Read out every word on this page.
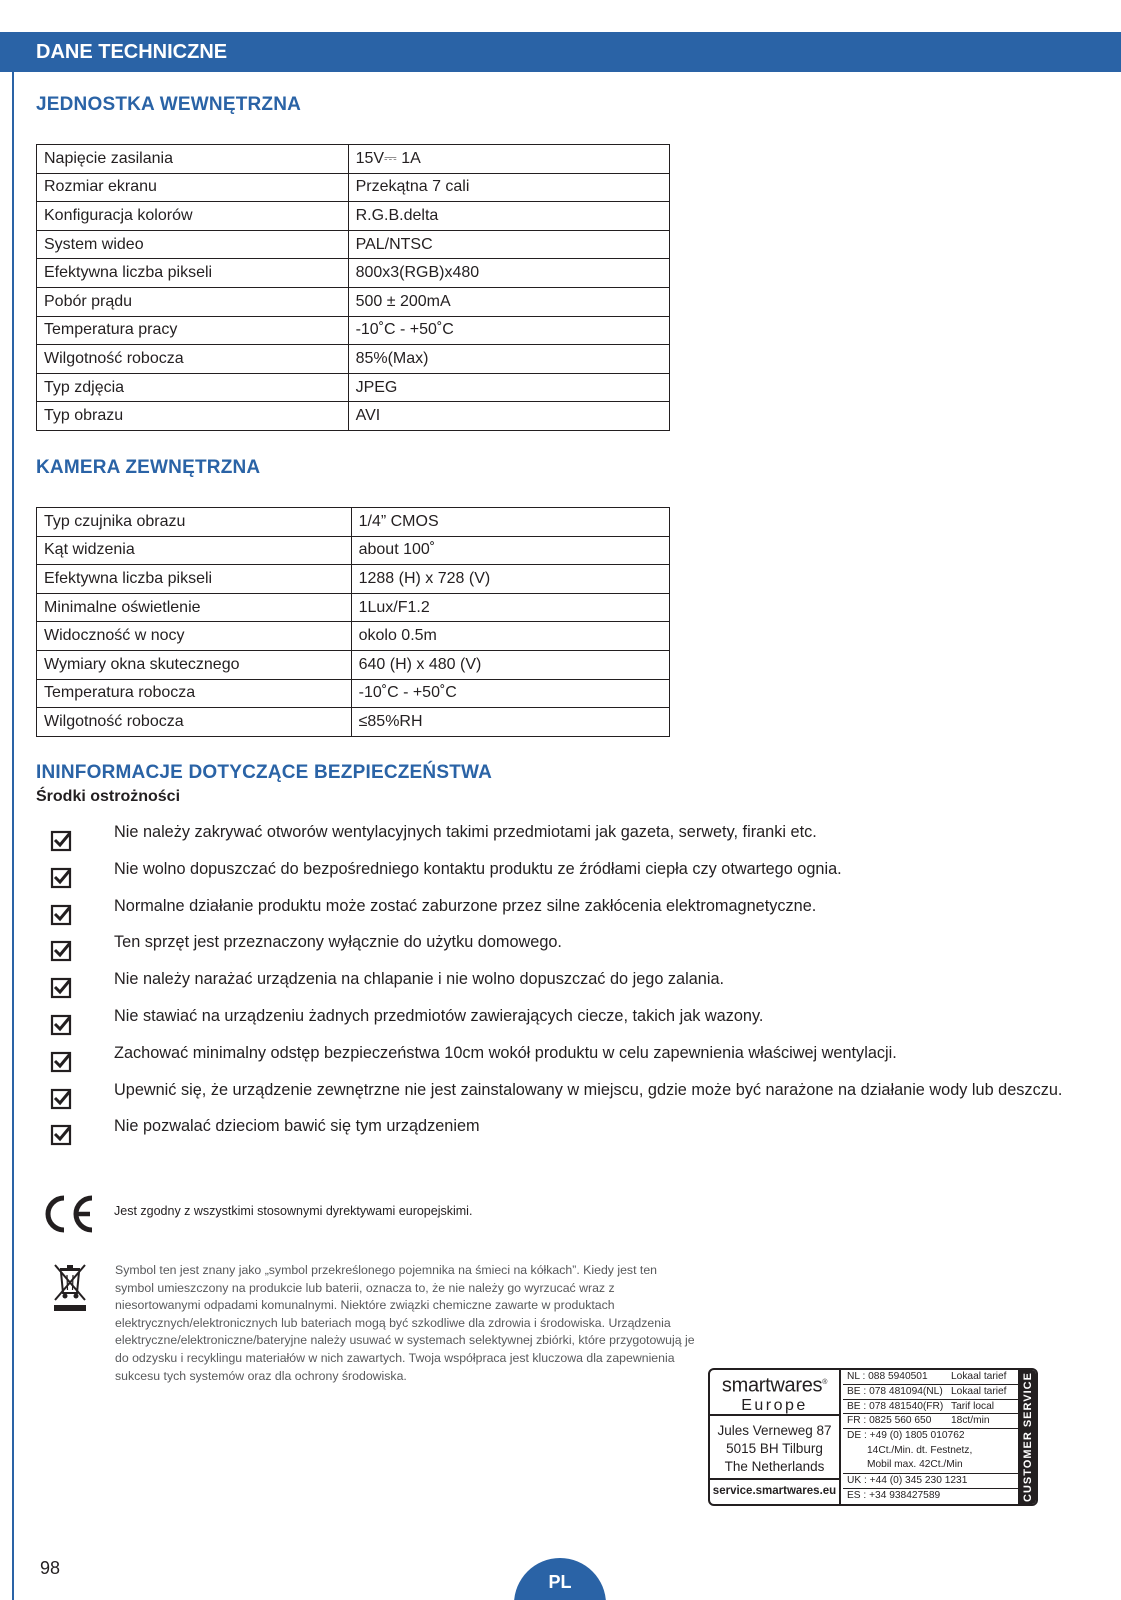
DANE TECHNICZNE
JEDNOSTKA WEWNĘTRZNA
Napięcie zasilania	15V⎓ 1A
Rozmiar ekranu	Przekątna 7 cali
Konfiguracja kolorów	R.G.B.delta
System wideo	PAL/NTSC
Efektywna liczba pikseli	800x3(RGB)x480
Pobór prądu	500 ± 200mA
Temperatura pracy	-10˚C - +50˚C
Wilgotność robocza	85%(Max)
Typ zdjęcia	JPEG
Typ obrazu	AVI
KAMERA ZEWNĘTRZNA
Typ czujnika obrazu	1/4” CMOS
Kąt widzenia	about 100˚
Efektywna liczba pikseli	1288 (H) x 728 (V)
Minimalne oświetlenie	1Lux/F1.2
Widoczność w nocy	okolo 0.5m
Wymiary okna skutecznego	640 (H) x 480 (V)
Temperatura robocza	-10˚C - +50˚C
Wilgotność robocza	≤85%RH
ININFORMACJE DOTYCZĄCE BEZPIECZEŃSTWA
Środki ostrożności
Nie należy zakrywać otworów wentylacyjnych takimi przedmiotami jak gazeta, serwety, firanki etc.
Nie wolno dopuszczać do bezpośredniego kontaktu produktu ze źródłami ciepła czy otwartego ognia.
Normalne działanie produktu może zostać zaburzone przez silne zakłócenia elektromagnetyczne.
Ten sprzęt jest przeznaczony wyłącznie do użytku domowego.
Nie należy narażać urządzenia na chlapanie i nie wolno dopuszczać do jego zalania.
Nie stawiać na urządzeniu żadnych przedmiotów zawierających ciecze, takich jak wazony.
Zachować minimalny odstęp bezpieczeństwa 10cm wokół produktu w celu zapewnienia właściwej wentylacji.
Upewnić się, że urządzenie zewnętrzne nie jest zainstalowany w miejscu, gdzie może być narażone na działanie wody lub deszczu.
Nie pozwalać dzieciom bawić się tym urządzeniem
Jest zgodny z wszystkimi stosownymi dyrektywami europejskimi.
Symbol ten jest znany jako „symbol przekreślonego pojemnika na śmieci na kółkach”. Kiedy jest ten symbol umieszczony na produkcie lub baterii, oznacza to, że nie należy go wyrzucać wraz z niesortowanymi odpadami komunalnymi. Niektóre związki chemiczne zawarte w produktach elektrycznych/elektronicznych lub bateriach mogą być szkodliwe dla zdrowia i środowiska. Urządzenia elektryczne/elektroniczne/bateryjne należy usuwać w systemach selektywnej zbiórki, które przygotowują je do odzysku i recyklingu materiałów w nich zawartych. Twoja współpraca jest kluczowa dla zapewnienia sukcesu tych systemów oraz dla ochrony środowiska.	smartwares®
Europe
Jules Verneweg 87
5015 BH Tilburg
The Netherlands
service.smartwares.eu
NL : 088 5940501 Lokaal tarief
BE : 078 481094(NL) Lokaal tarief
BE : 078 481540(FR) Tarif local
FR : 0825 560 650 18ct/min
DE : +49 (0) 1805 010762
14Ct./Min. dt. Festnetz,
Mobil max. 42Ct./Min
UK : +44 (0) 345 230 1231
ES : +34 938427589	CUSTOMER SERVICE
98
PL
